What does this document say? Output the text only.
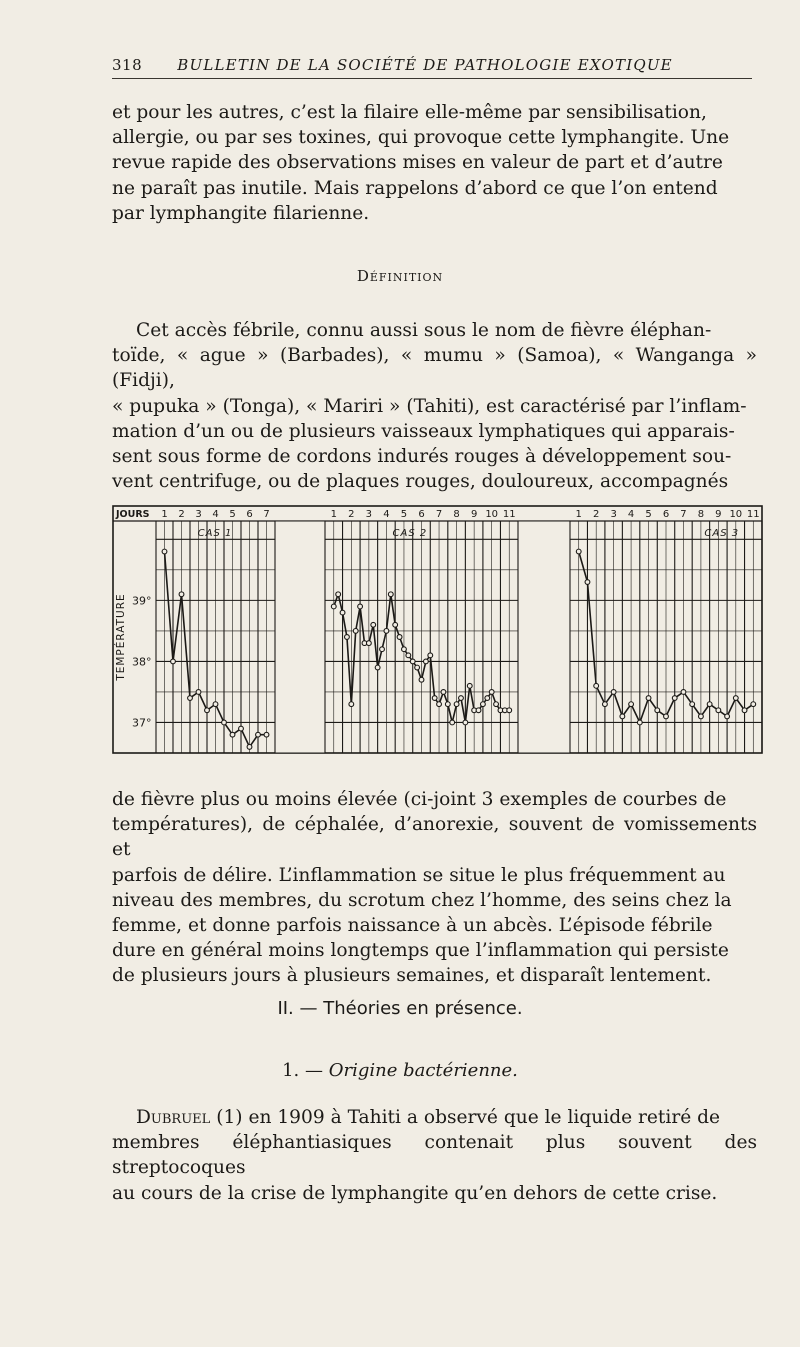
318 BULLETIN DE LA SOCIÉTÉ DE PATHOLOGIE EXOTIQUE

et pour les autres, c’est la filaire elle-même par sensibilisation,

allergie, ou par ses toxines, qui provoque cette lymphangite. Une

revue rapide des observations mises en valeur de part et d’autre

ne paraît pas inutile. Mais rappelons d’abord ce que l’on entend

par lymphangite filarienne.

Définition

Cet accès fébrile, connu aussi sous le nom de fièvre éléphan-

toïde, « ague » (Barbades), « mumu » (Samoa), « Wanganga » (Fidji),

« pupuka » (Tonga), « Mariri » (Tahiti), est caractérisé par l’inflam-

mation d’un ou de plusieurs vaisseaux lymphatiques qui apparais-

sent sous forme de cordons indurés rouges à développement sou-

vent centrifuge, ou de plaques rouges, douloureux, accompagnés

TEMPÉRATURE
JOURS
39°
38°
37°
1 2 3 4 5 6 7
CAS 1
1 2 3 4 5 6 7 8 9 10 11
CAS 2
1 2 3 4 5 6 7 8 9 10 11
CAS 3

de fièvre plus ou moins élevée (ci-joint 3 exemples de courbes de

températures), de céphalée, d’anorexie, souvent de vomissements et

parfois de délire. L’inflammation se situe le plus fréquemment au

niveau des membres, du scrotum chez l’homme, des seins chez la

femme, et donne parfois naissance à un abcès. L’épisode fébrile

dure en général moins longtemps que l’inflammation qui persiste

de plusieurs jours à plusieurs semaines, et disparaît lentement.

II. — Théories en présence.
1. — Origine bactérienne.

Dubruel (1) en 1909 à Tahiti a observé que le liquide retiré de

membres éléphantiasiques contenait plus souvent des streptocoques

au cours de la crise de lymphangite qu’en dehors de cette crise.
